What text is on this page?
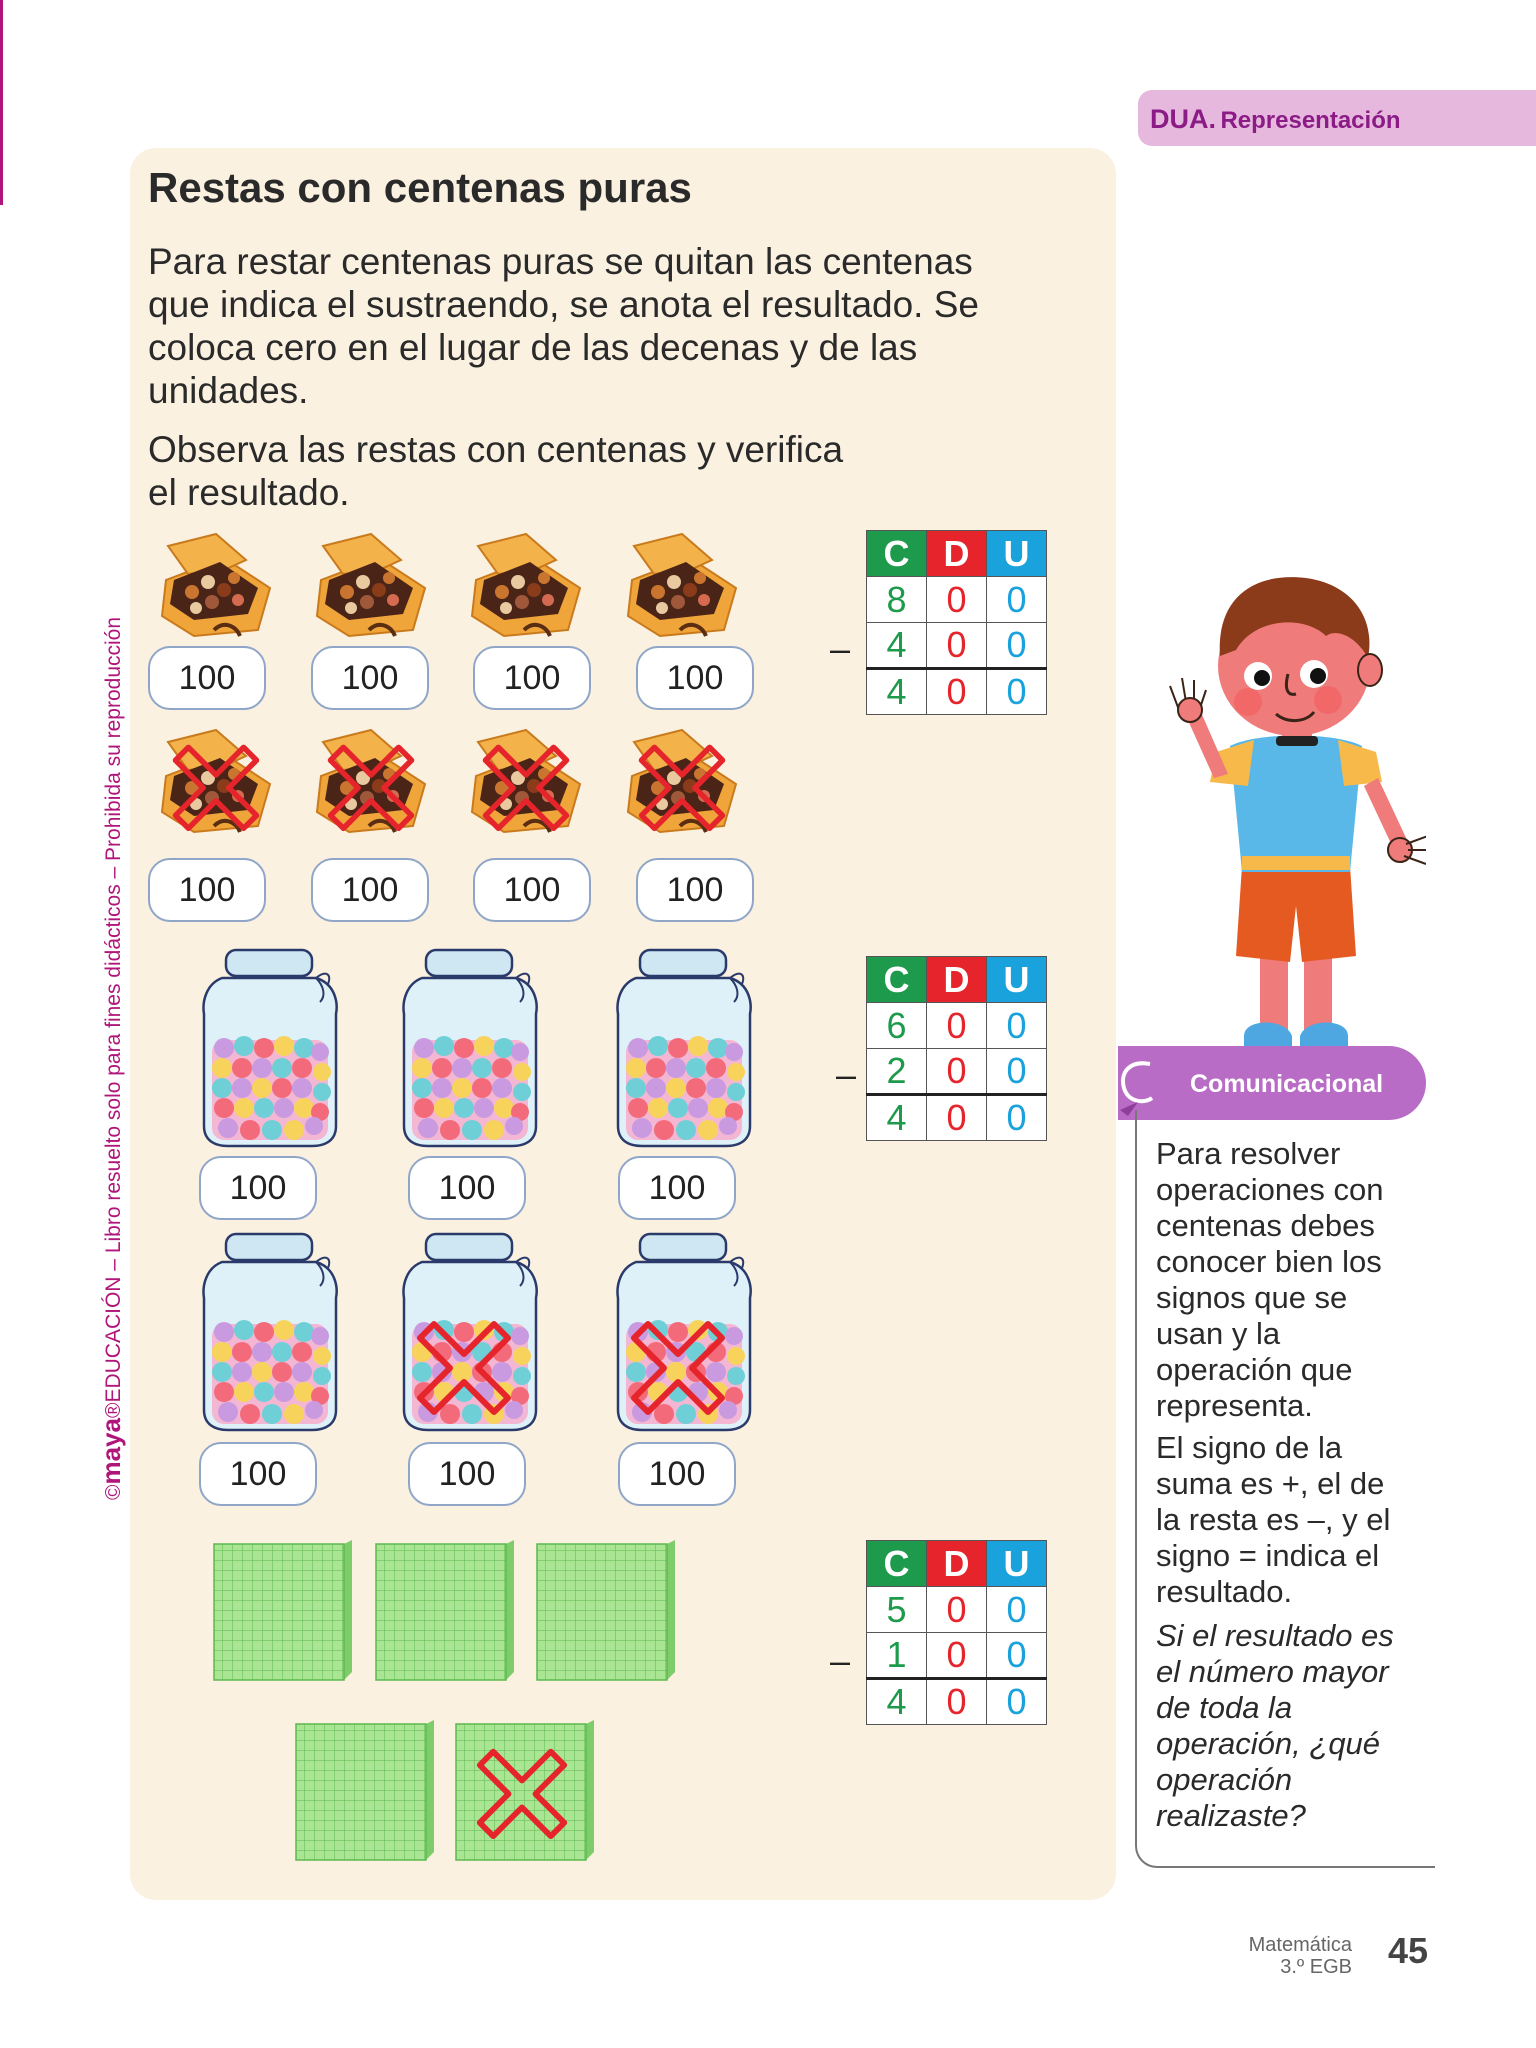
©maya®EDUCACIÓN – Libro resuelto solo para fines didácticos – Prohibida su reproducción
DUA. Representación
Restas con centenas puras
Para restar centenas puras se quitan las centenas
que indica el sustraendo, se anota el resultado. Se
coloca cero en el lugar de las decenas y de las
unidades.
Observa las restas con centenas y verifica
el resultado.
100	100	100	100
100	100	100	100
–
C	D	U
8	0	0
4	0	0
4	0	0
100	100	100
–
C	D	U
6	0	0
2	0	0
4	0	0
100	100	100
–
C	D	U
5	0	0
1	0	0
4	0	0
Comunicacional
Para resolver
operaciones con
centenas debes
conocer bien los
signos que se
usan y la
operación que
representa.
El signo de la
suma es +, el de
la resta es –, y el
signo = indica el
resultado.
Si el resultado es
el número mayor
de toda la
operación, ¿qué
operación
realizaste?
Matemática
3.º EGB 45
